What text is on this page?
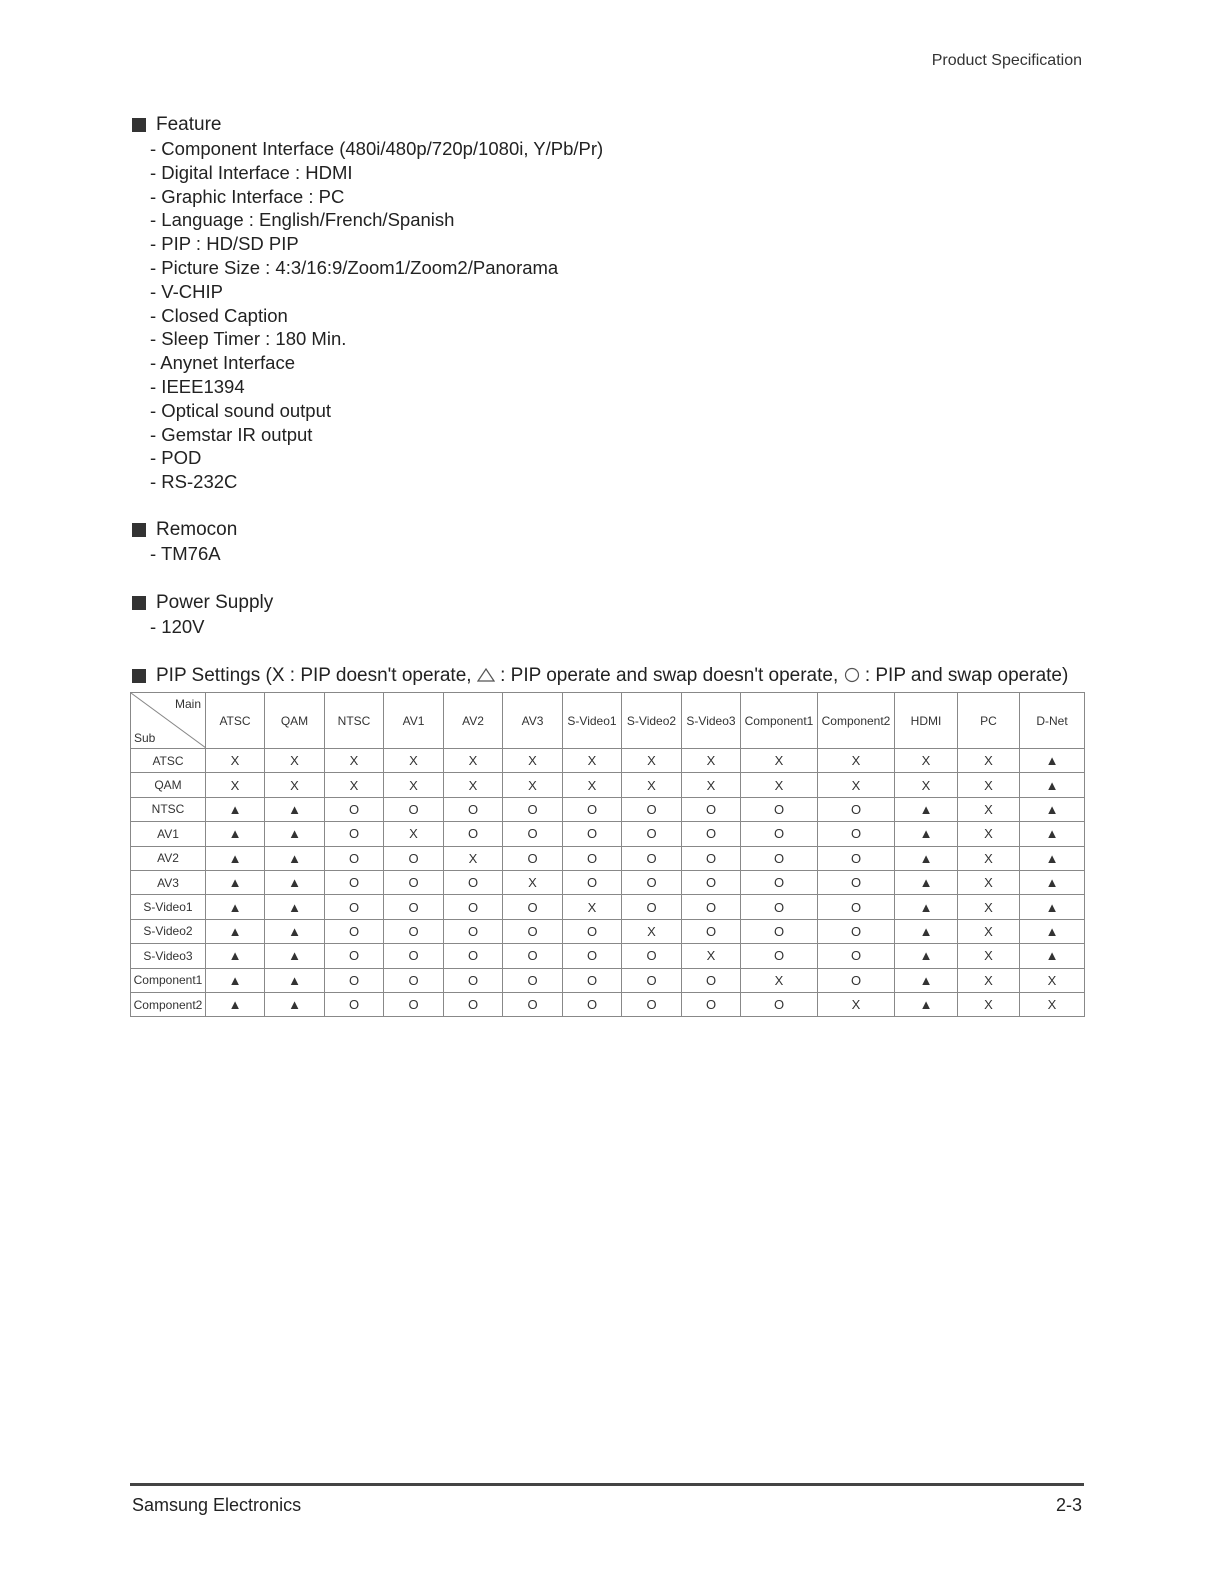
Product Specification
Feature
- Component Interface (480i/480p/720p/1080i, Y/Pb/Pr)
- Digital Interface : HDMI
- Graphic Interface : PC
- Language : English/French/Spanish
- PIP : HD/SD PIP
- Picture Size : 4:3/16:9/Zoom1/Zoom2/Panorama
- V-CHIP
- Closed Caption
- Sleep Timer : 180 Min.
- Anynet Interface
- IEEE1394
- Optical sound output
- Gemstar IR output
- POD
- RS-232C
Remocon
- TM76A
Power Supply
- 120V
PIP Settings (X : PIP doesn't operate,  : PIP operate and swap doesn't operate,  : PIP and swap operate)
Main
Sub	ATSC	QAM	NTSC	AV1	AV2	AV3	S-Video1	S-Video2	S-Video3	Component1	Component2	HDMI	PC	D-Net
ATSC	X	X	X	X	X	X	X	X	X	X	X	X	X	▲
QAM	X	X	X	X	X	X	X	X	X	X	X	X	X	▲
NTSC	▲	▲	O	O	O	O	O	O	O	O	O	▲	X	▲
AV1	▲	▲	O	X	O	O	O	O	O	O	O	▲	X	▲
AV2	▲	▲	O	O	X	O	O	O	O	O	O	▲	X	▲
AV3	▲	▲	O	O	O	X	O	O	O	O	O	▲	X	▲
S-Video1	▲	▲	O	O	O	O	X	O	O	O	O	▲	X	▲
S-Video2	▲	▲	O	O	O	O	O	X	O	O	O	▲	X	▲
S-Video3	▲	▲	O	O	O	O	O	O	X	O	O	▲	X	▲
Component1	▲	▲	O	O	O	O	O	O	O	X	O	▲	X	X
Component2	▲	▲	O	O	O	O	O	O	O	O	X	▲	X	X
Samsung Electronics	2-3
